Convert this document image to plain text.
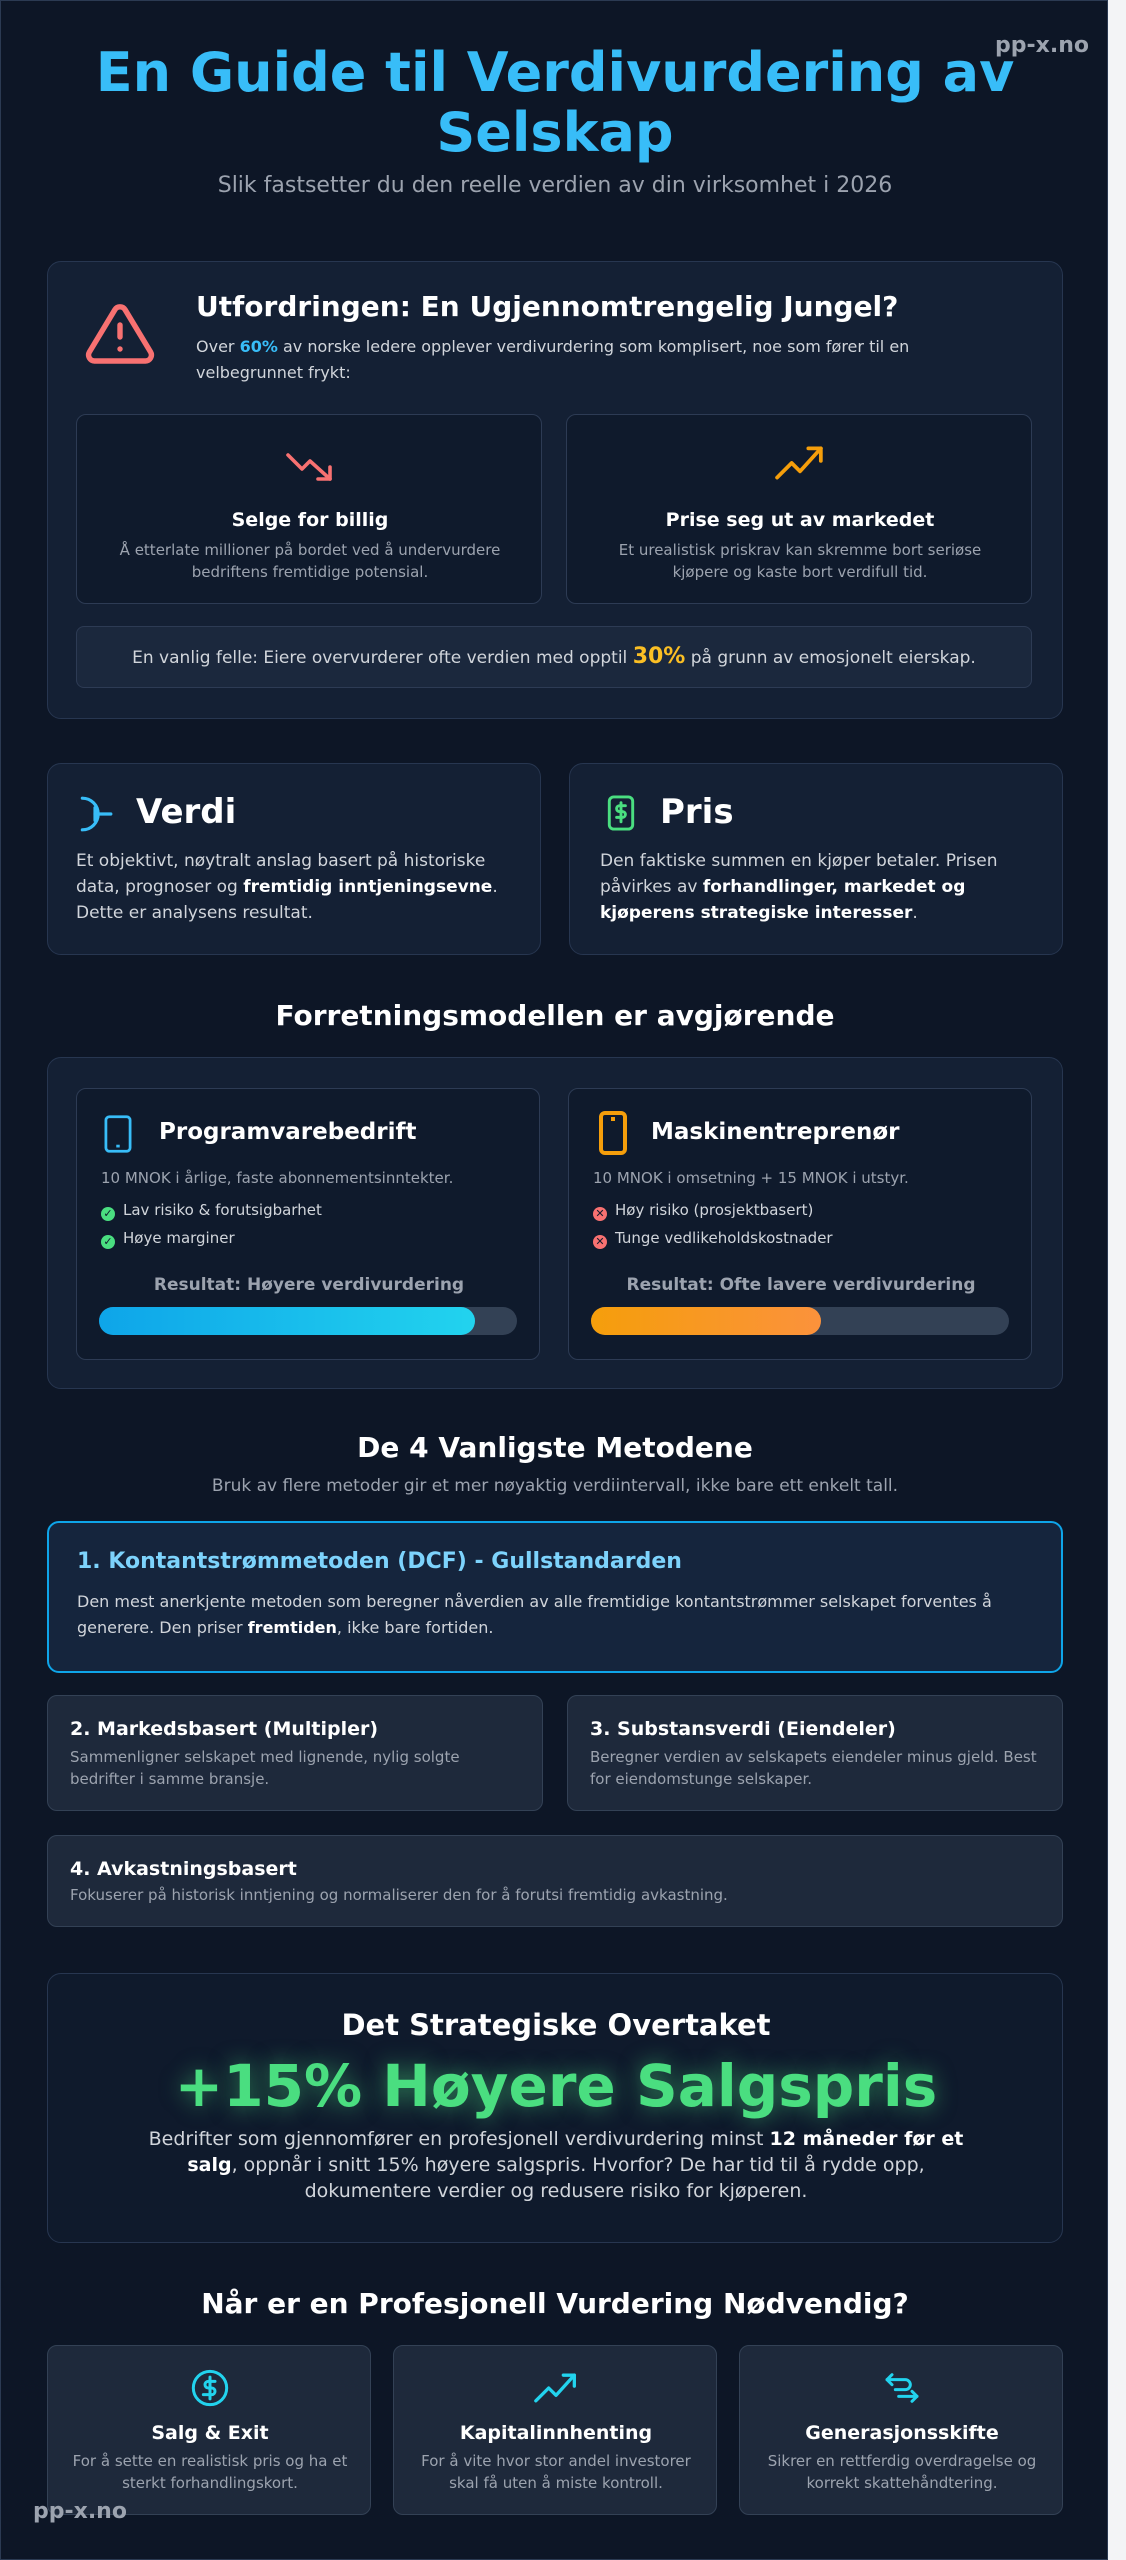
pp-x.no
En Guide til Verdivurdering av Selskap
Slik fastsetter du den reelle verdien av din virksomhet i 2026
Utfordringen: En Ugjennomtrengelig Jungel?
Over 60% av norske ledere opplever verdivurdering som komplisert, noe som fører til en velbegrunnet frykt:
Selge for billig
Å etterlate millioner på bordet ved å undervurdere bedriftens fremtidige potensial.
Prise seg ut av markedet
Et urealistisk priskrav kan skremme bort seriøse kjøpere og kaste bort verdifull tid.
En vanlig felle: Eiere overvurderer ofte verdien med opptil 30% på grunn av emosjonelt eierskap.
Verdi
Et objektivt, nøytralt anslag basert på historiske data, prognoser og fremtidig inntjeningsevne. Dette er analysens resultat.
Pris
Den faktiske summen en kjøper betaler. Prisen påvirkes av forhandlinger, markedet og kjøperens strategiske interesser.
Forretningsmodellen er avgjørende
Programvarebedrift
10 MNOK i årlige, faste abonnementsinntekter.
✓ Lav risiko & forutsigbarhet
✓ Høye marginer
Resultat: Høyere verdivurdering
Maskinentreprenør
10 MNOK i omsetning + 15 MNOK i utstyr.
✕ Høy risiko (prosjektbasert)
✕ Tunge vedlikeholdskostnader
Resultat: Ofte lavere verdivurdering
De 4 Vanligste Metodene
Bruk av flere metoder gir et mer nøyaktig verdiintervall, ikke bare ett enkelt tall.
1. Kontantstrømmetoden (DCF) - Gullstandarden
Den mest anerkjente metoden som beregner nåverdien av alle fremtidige kontantstrømmer selskapet forventes å generere. Den priser fremtiden, ikke bare fortiden.
2. Markedsbasert (Multipler)
Sammenligner selskapet med lignende, nylig solgte bedrifter i samme bransje.
3. Substansverdi (Eiendeler)
Beregner verdien av selskapets eiendeler minus gjeld. Best for eiendomstunge selskaper.
4. Avkastningsbasert
Fokuserer på historisk inntjening og normaliserer den for å forutsi fremtidig avkastning.
Det Strategiske Overtaket
+15% Høyere Salgspris
Bedrifter som gjennomfører en profesjonell verdivurdering minst 12 måneder før et salg, oppnår i snitt 15% høyere salgspris. Hvorfor? De har tid til å rydde opp, dokumentere verdier og redusere risiko for kjøperen.
Når er en Profesjonell Vurdering Nødvendig?
Salg & Exit
For å sette en realistisk pris og ha et sterkt forhandlingskort.
Kapitalinnhenting
For å vite hvor stor andel investorer skal få uten å miste kontroll.
Generasjonsskifte
Sikrer en rettferdig overdragelse og korrekt skattehåndtering.
pp-x.no
